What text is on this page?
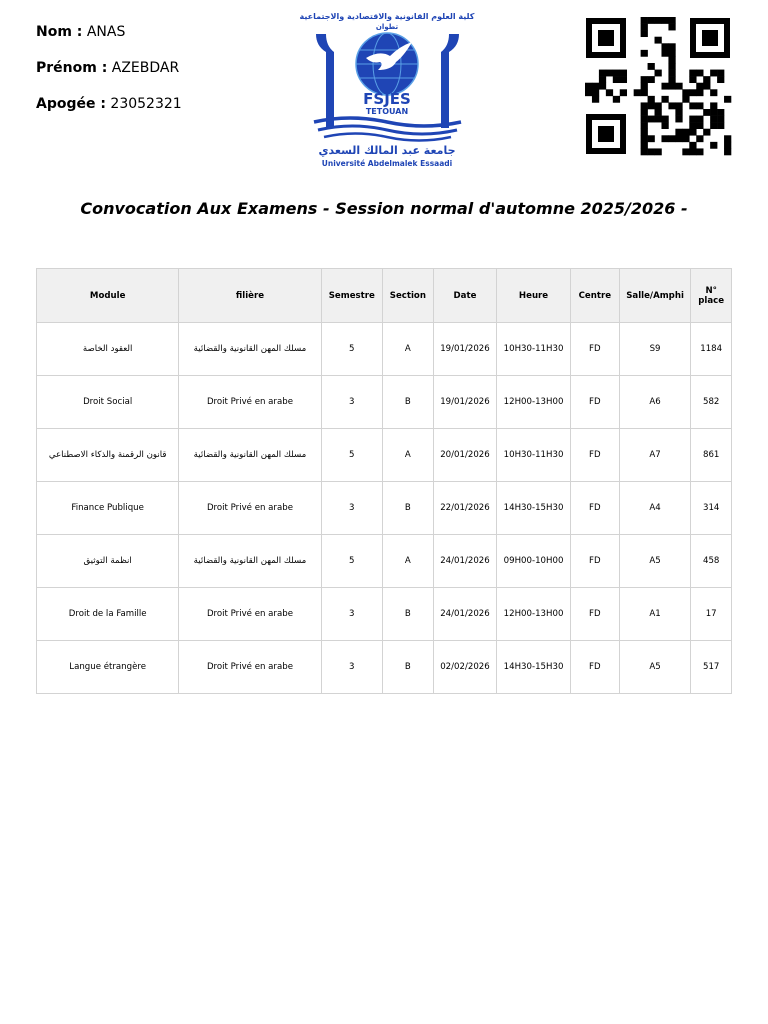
Nom : ANAS
Prénom : AZEBDAR
Apogée : 23052321
كلية العلوم القانونية والاقتصادية والاجتماعية
تطوان
FSJES
TETOUAN
جامعة عبد المالك السعدي
Université Abdelmalek Essaadi
Convocation Aux Examens - Session normal d'automne 2025/2026 -
Module	filière	Semestre	Section	Date	Heure	Centre	Salle/Amphi	N° place
العقود الخاصة	مسلك المهن القانونية والقضائية	5	A	19/01/2026	10H30-11H30	FD	S9	1184
Droit Social	Droit Privé en arabe	3	B	19/01/2026	12H00-13H00	FD	A6	582
قانون الرقمنة والذكاء الاصطناعي	مسلك المهن القانونية والقضائية	5	A	20/01/2026	10H30-11H30	FD	A7	861
Finance Publique	Droit Privé en arabe	3	B	22/01/2026	14H30-15H30	FD	A4	314
انظمة التوثيق	مسلك المهن القانونية والقضائية	5	A	24/01/2026	09H00-10H00	FD	A5	458
Droit de la Famille	Droit Privé en arabe	3	B	24/01/2026	12H00-13H00	FD	A1	17
Langue étrangère	Droit Privé en arabe	3	B	02/02/2026	14H30-15H30	FD	A5	517
